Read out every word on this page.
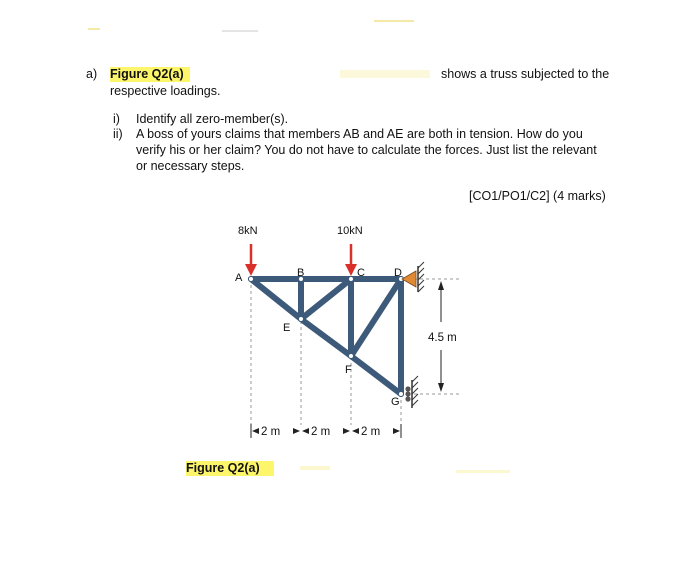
a) Figure Q2(a)	shows a truss subjected to the
respective loadings.
i) Identify all zero-member(s).
ii) A boss of yours claims that members AB and AE are both in tension. How do you
verify his or her claim? You do not have to calculate the forces. Just list the relevant
or necessary steps.
[CO1/PO1/C2] (4 marks)
8kN	10kN
A	B	C	D
E
F
G
4.5 m
2 m	2 m	2 m
Figure Q2(a)
